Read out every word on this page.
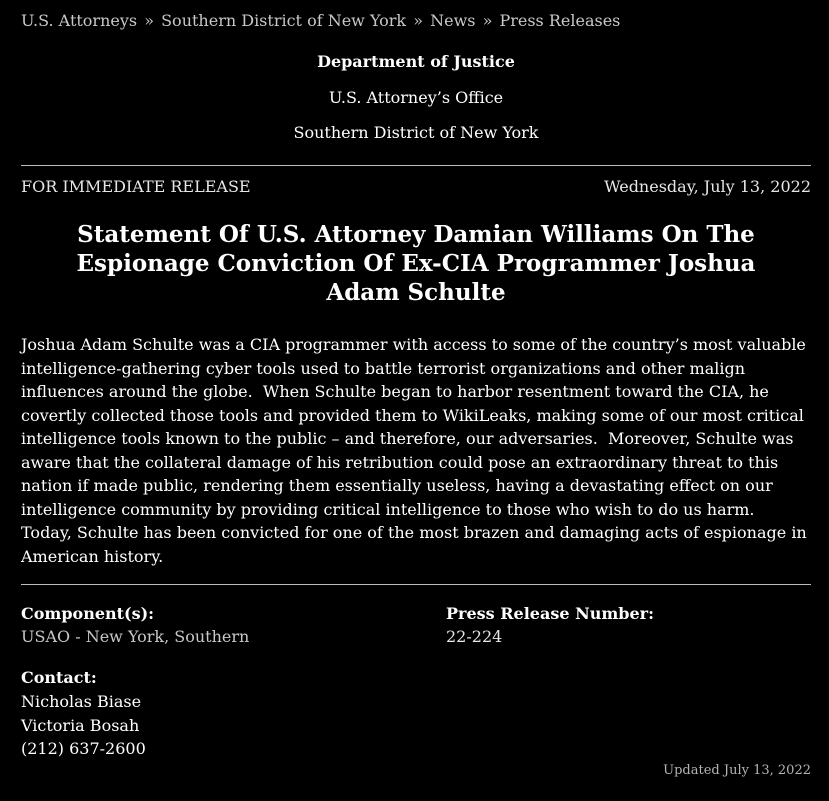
U.S. Attorneys » Southern District of New York » News » Press Releases
Department of Justice
U.S. Attorney’s Office
Southern District of New York
FOR IMMEDIATE RELEASE	Wednesday, July 13, 2022
Statement Of U.S. Attorney Damian Williams On The Espionage Conviction Of Ex-CIA Programmer Joshua Adam Schulte

Joshua Adam Schulte was a CIA programmer with access to some of the country’s most valuable intelligence-gathering cyber tools used to battle terrorist organizations and other malign influences around the globe.  When Schulte began to harbor resentment toward the CIA, he covertly collected those tools and provided them to WikiLeaks, making some of our most critical intelligence tools known to the public – and therefore, our adversaries.  Moreover, Schulte was aware that the collateral damage of his retribution could pose an extraordinary threat to this nation if made public, rendering them essentially useless, having a devastating effect on our intelligence community by providing critical intelligence to those who wish to do us harm.  Today, Schulte has been convicted for one of the most brazen and damaging acts of espionage in American history.

Component(s):
USAO - New York, Southern
Press Release Number:
22-224
Contact:
Nicholas Biase
Victoria Bosah
(212) 637-2600
Updated July 13, 2022
